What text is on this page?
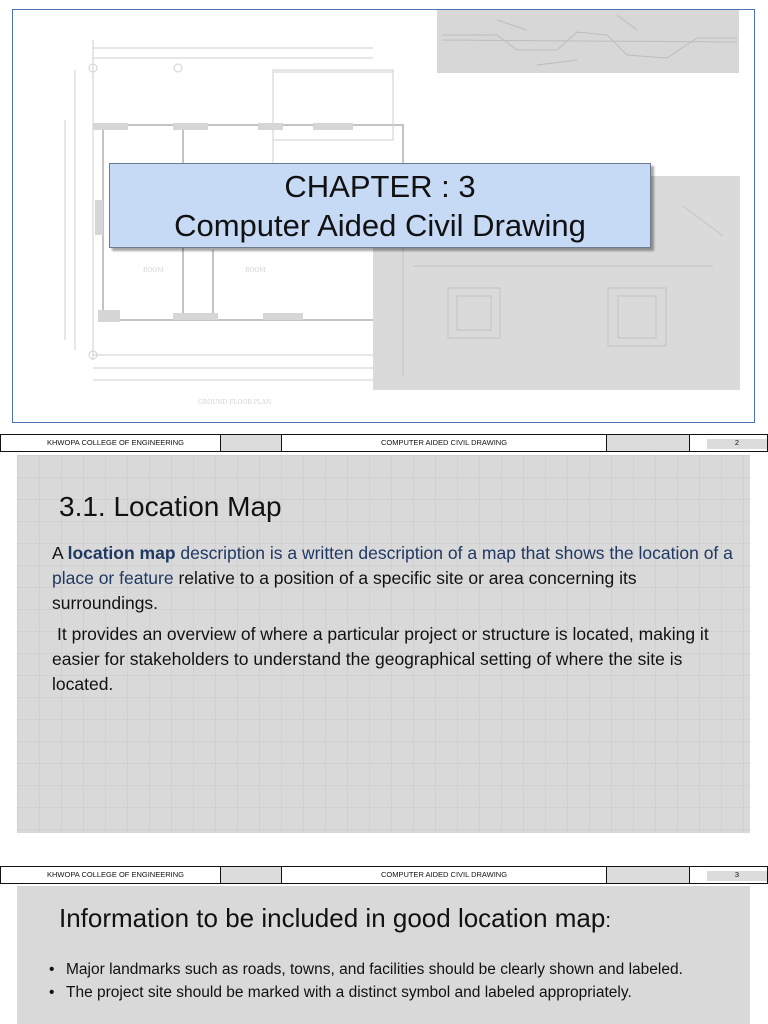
ROOM	ROOM
GROUND FLOOR PLAN
CHAPTER : 3
Computer Aided Civil Drawing
KHWOPA COLLEGE OF ENGINEERING	COMPUTER AIDED CIVIL DRAWING	2
3.1. Location Map
A location map description is a written description of a map that shows the location of a place or feature relative to a position of a specific site or area concerning its surroundings.
It provides an overview of where a particular project or structure is located, making it easier for stakeholders to understand the geographical setting of where the site is located.
KHWOPA COLLEGE OF ENGINEERING	COMPUTER AIDED CIVIL DRAWING	3
Information to be included in good location map:
• Major landmarks such as roads, towns, and facilities should be clearly shown and labeled.
• The project site should be marked with a distinct symbol and labeled appropriately.
